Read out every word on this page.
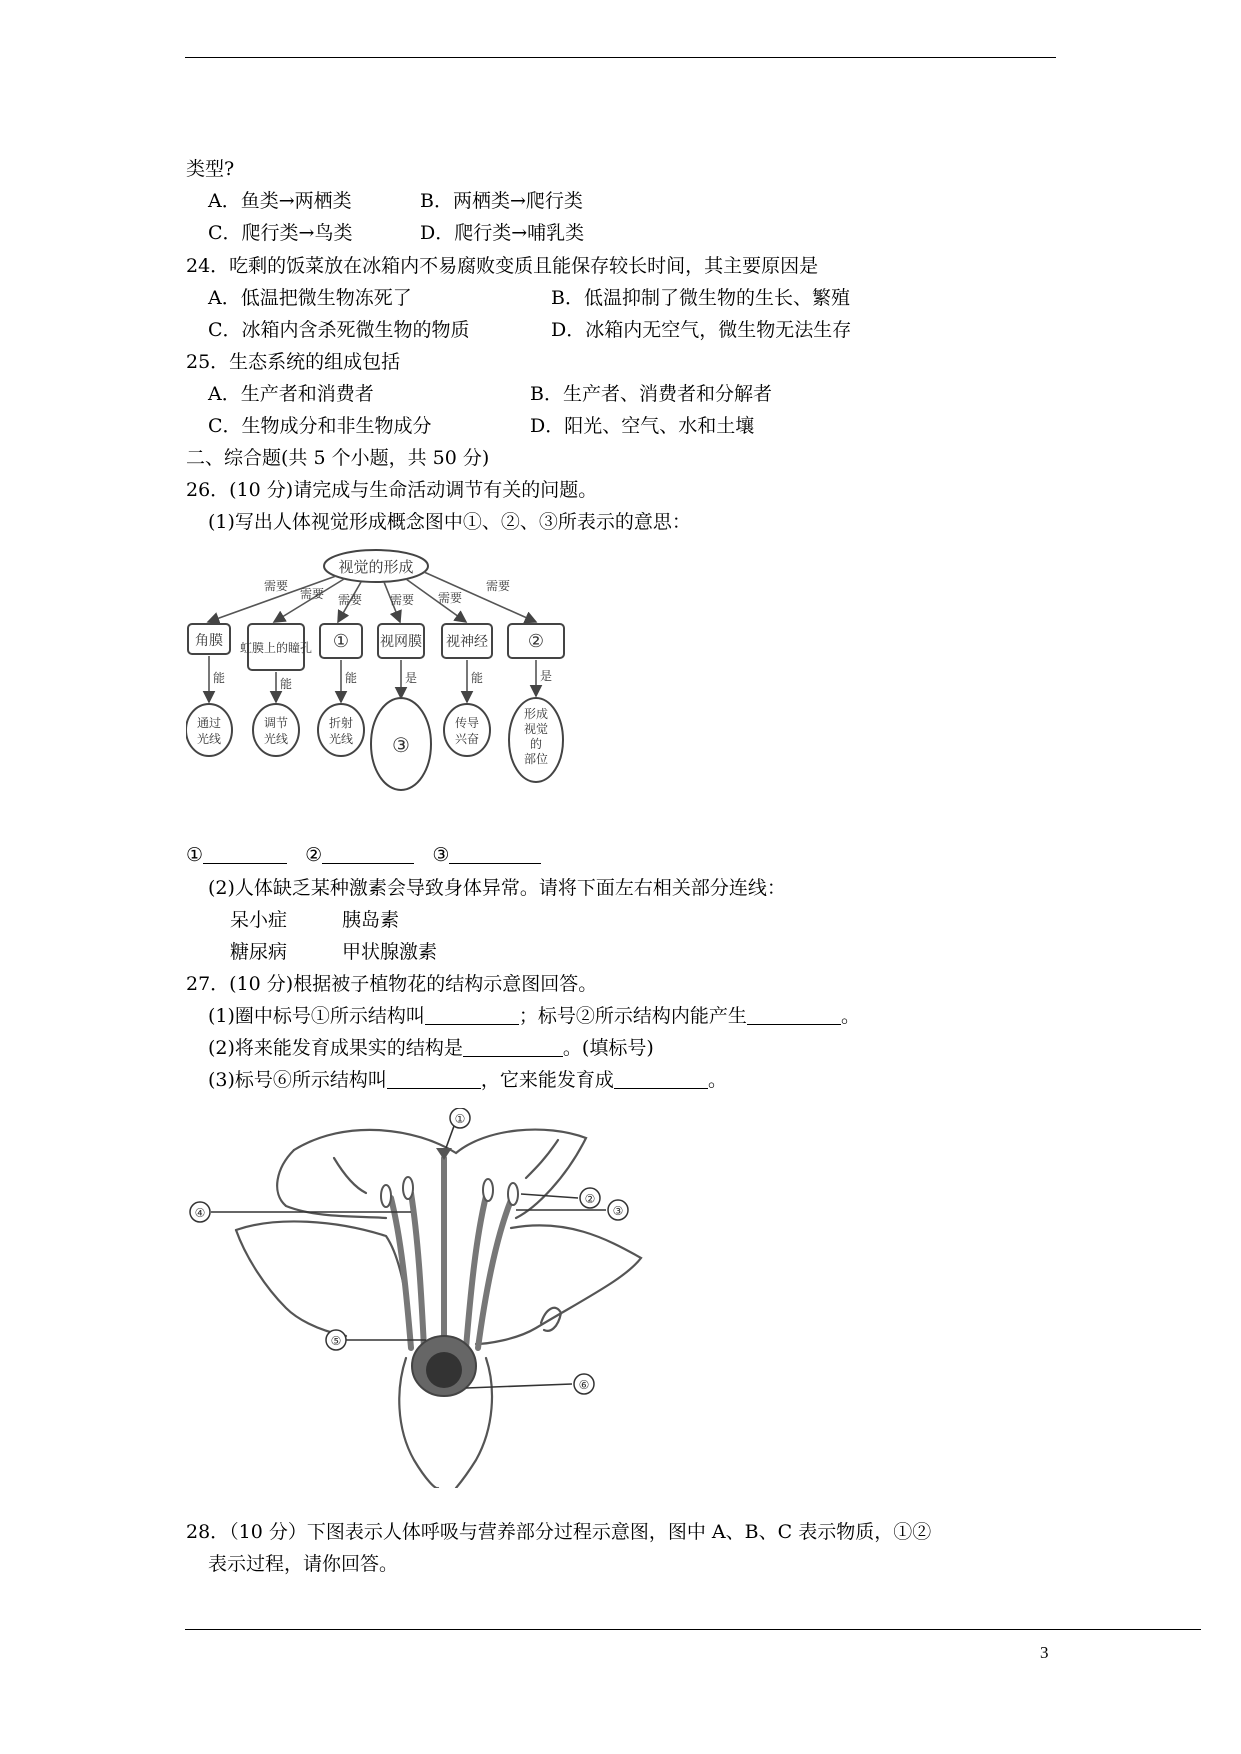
类型?
A．鱼类→两栖类	B．两栖类→爬行类
C．爬行类→鸟类	D．爬行类→哺乳类
24．吃剩的饭菜放在冰箱内不易腐败变质且能保存较长时间，其主要原因是
A．低温把微生物冻死了	B．低温抑制了微生物的生长、繁殖
C．冰箱内含杀死微生物的物质	D．冰箱内无空气，微生物无法生存
25．生态系统的组成包括
A．生产者和消费者	B．生产者、消费者和分解者
C．生物成分和非生物成分	D．阳光、空气、水和土壤
二、综合题(共 5 个小题，共 50 分)
26．(10 分)请完成与生命活动调节有关的问题。
(1)写出人体视觉形成概念图中①、②、③所表示的意思：
视觉的形成
需要
需要 需要 需要 需要
需要
角膜 虹膜上的瞳孔 ① 视网膜 视神经 ②
能	能	能	是	能	是
通过光线
调节光线
折射光线 ③
传导兴奋
形成视觉的部位
①	②	③
(2)人体缺乏某种激素会导致身体异常。请将下面左右相关部分连线：
呆小症	胰岛素
糖尿病	甲状腺激素
27．(10 分)根据被子植物花的结构示意图回答。
(1)圈中标号①所示结构叫	；标号②所示结构内能产生	。
(2)将来能发育成果实的结构是	。(填标号)
(3)标号⑥所示结构叫	，它来能发育成	。
①
②
③
④
⑤
⑥
28．（10 分）下图表示人体呼吸与营养部分过程示意图，图中 A、B、C 表示物质，①②
表示过程，请你回答。
3
